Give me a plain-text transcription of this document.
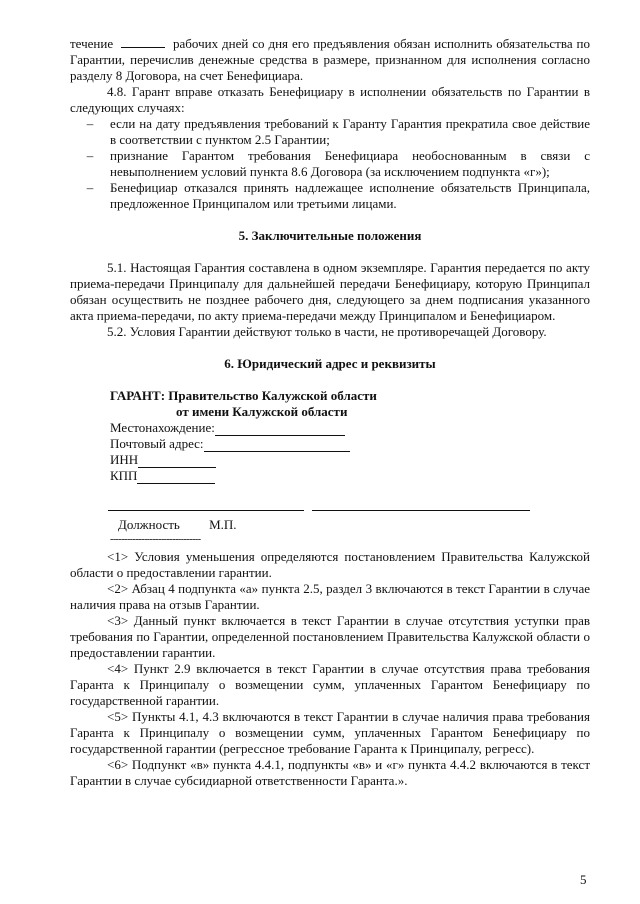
течение	рабочих дней со дня его предъявления обязан исполнить обязательства по Гарантии, перечислив денежные средства в размере, признанном для исполнения согласно разделу 8 Договора, на счет Бенефициара.

4.8. Гарант вправе отказать Бенефициару в исполнении обязательств по Гарантии в следующих случаях:

–	если на дату предъявления требований к Гаранту Гарантия прекратила свое действие в соответствии с пунктом 2.5 Гарантии;

–	признание Гарантом требования Бенефициара необоснованным в связи с невыполнением условий пункта 8.6 Договора (за исключением подпункта «г»);

–	Бенефициар отказался принять надлежащее исполнение обязательств Принципала, предложенное Принципалом или третьими лицами.

5. Заключительные положения

5.1. Настоящая Гарантия составлена в одном экземпляре. Гарантия передается по акту приема-передачи Принципалу для дальнейшей передачи Бенефициару, которую Принципал обязан осуществить не позднее рабочего дня, следующего за днем подписания указанного акта приема-передачи, по акту приема-передачи между Принципалом и Бенефициаром.

5.2. Условия Гарантии действуют только в части, не противоречащей Договору.

6. Юридический адрес и реквизиты

ГАРАНТ: Правительство Калужской области
от имени Калужской области
Местонахождение:
Почтовый адрес:
ИНН
КПП
Должность М.П.
--------------------------------

<1> Условия уменьшения определяются постановлением Правительства Калужской области о предоставлении гарантии.

<2> Абзац 4 подпункта «а» пункта 2.5, раздел 3 включаются в текст Гарантии в случае наличия права на отзыв Гарантии.

<3> Данный пункт включается в текст Гарантии в случае отсутствия уступки прав требования по Гарантии, определенной постановлением Правительства Калужской области о предоставлении гарантии.

<4> Пункт 2.9 включается в текст Гарантии в случае отсутствия права требования Гаранта к Принципалу о возмещении сумм, уплаченных Гарантом Бенефициару по государственной гарантии.

<5> Пункты 4.1, 4.3 включаются в текст Гарантии в случае наличия права требования Гаранта к Принципалу о возмещении сумм, уплаченных Гарантом Бенефициару по государственной гарантии (регрессное требование Гаранта к Принципалу, регресс).

<6> Подпункт «в» пункта 4.4.1, подпункты «в» и «г» пункта 4.4.2 включаются в текст Гарантии в случае субсидиарной ответственности Гаранта.».

5
